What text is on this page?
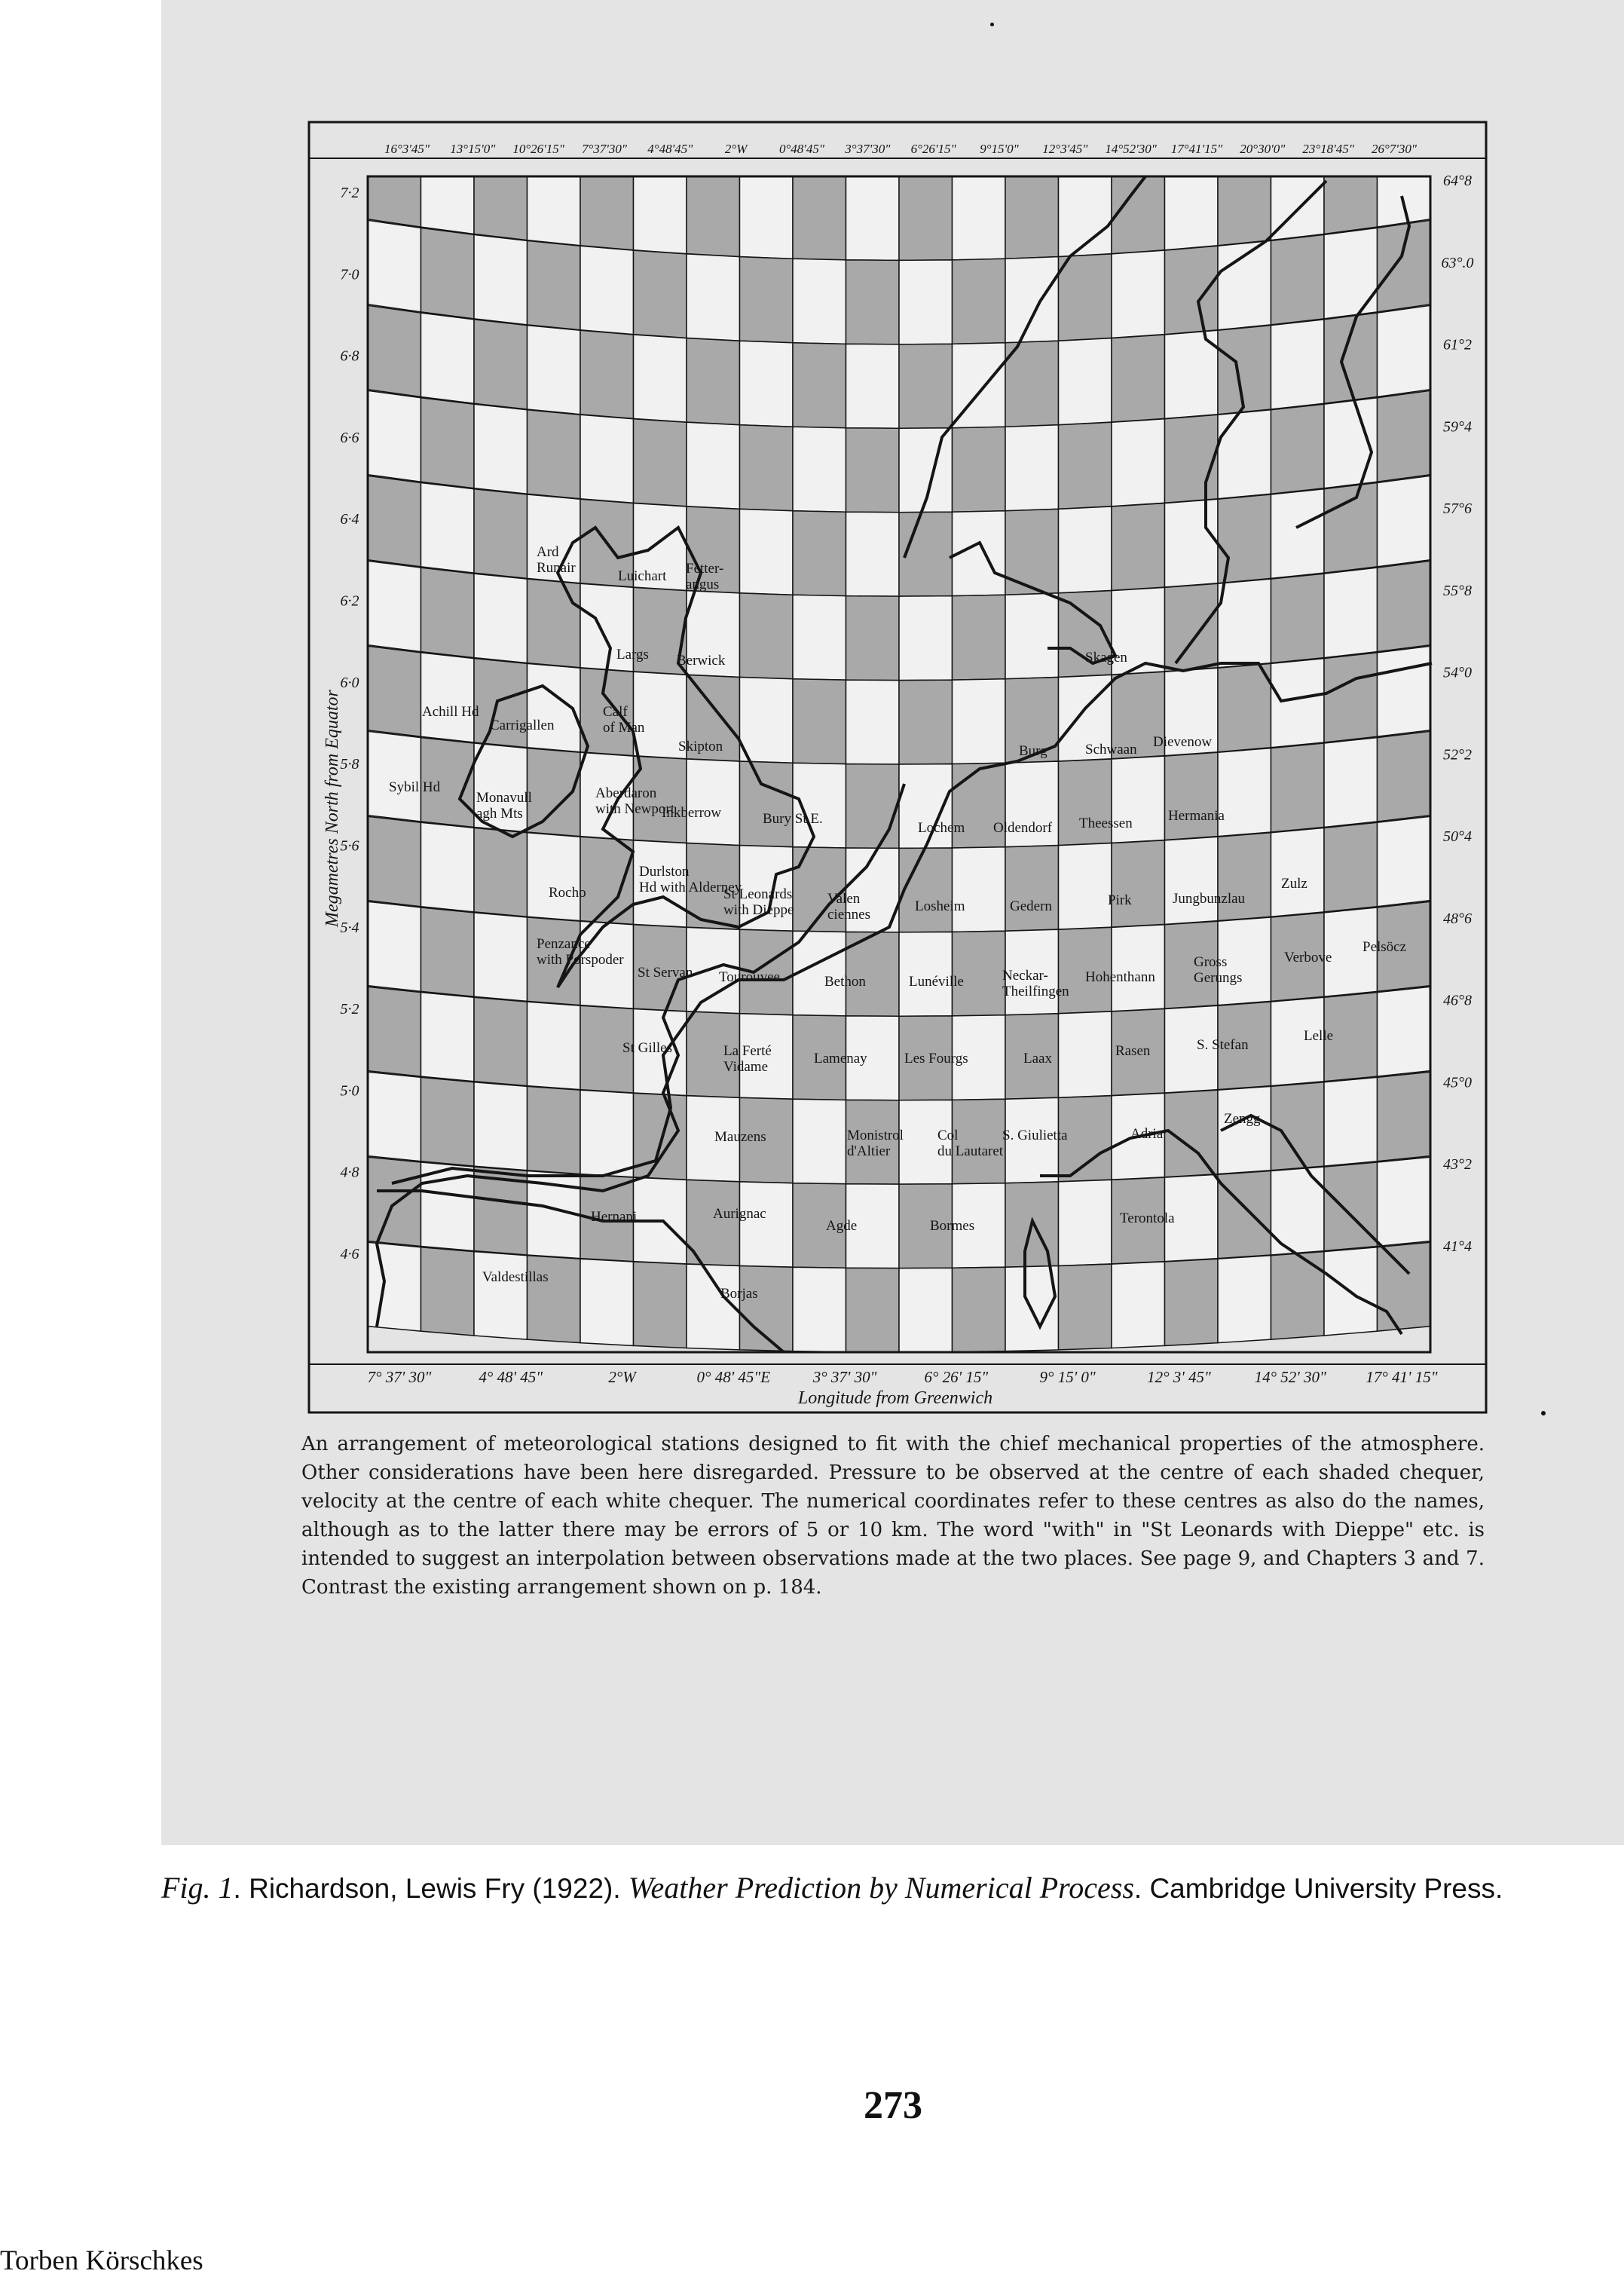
16°3'45" 13°15'0" 10°26'15" 7°37'30" 4°48'45"	2°W	0°48'45" 3°37'30" 6°26'15" 9°15'0" 12°3'45" 14°52'30" 17°41'15" 20°30'0" 23°18'45" 26°7'30"
7° 37' 30"	4° 48' 45"	2°W	0° 48' 45"E	3° 37' 30"	6° 26' 15"	9° 15' 0"	12° 3' 45"	14° 52' 30"	17° 41' 15"
7·2
7·0
6·8
6·6
6·4
6·2
6·0
5·8
5·6
5·4
5·2
5·0
4·8
4·6
64°8
63°.0
61°2
59°4
57°6
55°8
54°0
52°2
50°4
48°6
46°8
45°0
43°2
41°4
Ard
Runair
Luichart Fetter-
angus
Largs Berwick
Achill Hd
Carrigallen
Calf
of Man
Skipton
Sybil Hd
Monavull
agh Mts
Aberdaron
with Newport
Inkberrow	Bury St E.
Burg	Schwaan Dievenow
Skagen
Rocho
Durlston
Hd with Alderney
St Leonards
with Dieppe
Valen
ciennes
Lochem Oldendorf Theessen Hermania
Losheim	Gedern	Pirk	Jungbunzlau
Zulz
Penzance
with Porspoder
St Servan Tourouvee	Bethon	Lunéville	Neckar-
Theilfingen
Hohenthann
Gross
Gerungs
Verbove
Pelsöcz
St Gilles	La Ferté
Vidame
Lamenay	Les Fourgs	Laax	Rasen	S. Stefan
Lelle
Mauzens	Monistrol
d'Altier
Col
du Lautaret
S. Giulietta	Adria
Zengg
Hernani	Aurignac
Agde	Bormes	Terontola
Valdestillas
Borjas
Megametres North from Equator
Longitude from Greenwich
An arrangement of meteorological stations designed to fit with the chief mechanical properties of the atmosphere. Other considerations have been here disregarded. Pressure to be observed at the centre of each shaded chequer, velocity at the centre of each white chequer. The numerical coordinates refer to these centres as also do the names, although as to the latter there may be errors of 5 or 10 km. The word "with" in "St Leonards with Dieppe" etc. is intended to suggest an interpolation between observations made at the two places. See page 9, and Chapters 3 and 7. Contrast the existing arrangement shown on p. 184.
Fig. 1. Richardson, Lewis Fry (1922). Weather Prediction by Numerical Process. Cambridge University Press.
273
Torben Körschkes
